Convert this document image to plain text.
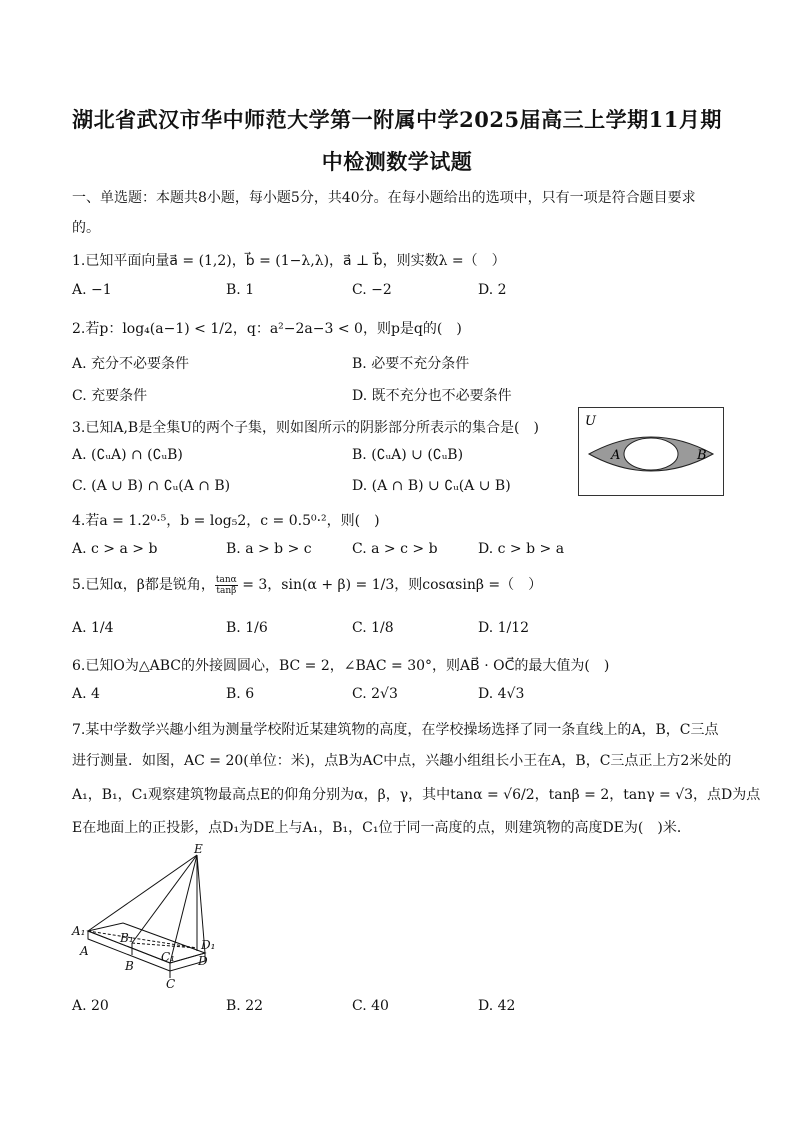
湖北省武汉市华中师范大学第一附属中学2025届高三上学期11月期
中检测数学试题
一、单选题：本题共8小题，每小题5分，共40分。在每小题给出的选项中，只有一项是符合题目要求
的。
1.已知平面向量a⃗ = (1,2)，b⃗ = (1−λ,λ)，a⃗ ⊥ b⃗，则实数λ =（　）
A. −1	B. 1	C. −2	D. 2
2.若p：log₄(a−1) < 1/2，q：a²−2a−3 < 0，则p是q的(　)
A. 充分不必要条件	B. 必要不充分条件
C. 充要条件	D. 既不充分也不必要条件
3.已知A,B是全集U的两个子集，则如图所示的阴影部分所表示的集合是(　)
A. (∁ᵤA) ∩ (∁ᵤB)	B. (∁ᵤA) ∪ (∁ᵤB)
C. (A ∪ B) ∩ ∁ᵤ(A ∩ B)	D. (A ∩ B) ∪ ∁ᵤ(A ∪ B)
U
A	B
4.若a = 1.2⁰·⁵，b = log₅2，c = 0.5⁰·²，则(　)
A. c > a > b	B. a > b > c	C. a > c > b	D. c > b > a
5.已知α，β都是锐角， $\frac{\tan\alpha}{\tan\beta} = 3$，sin(α + β) = 1/3，则cosαsinβ =（　）
A. 1/4	B. 1/6	C. 1/8	D. 1/12
6.已知O为△ABC的外接圆圆心，BC = 2，∠BAC = 30°，则AB⃗ · OC⃗的最大值为(　)
A. 4	B. 6	C. 2√3	D. 4√3
7.某中学数学兴趣小组为测量学校附近某建筑物的高度，在学校操场选择了同一条直线上的A，B，C三点
进行测量．如图，AC = 20(单位：米)，点B为AC中点，兴趣小组组长小王在A，B，C三点正上方2米处的
A₁，B₁，C₁观察建筑物最高点E的仰角分别为α，β，γ，其中tanα = √6/2，tanβ = 2，tanγ = √3，点D为点
E在地面上的正投影，点D₁为DE上与A₁，B₁，C₁位于同一高度的点，则建筑物的高度DE为(　)米．
E
A₁
A
B₁
B
C₁
C
D₁
D
A. 20	B. 22	C. 40	D. 42
